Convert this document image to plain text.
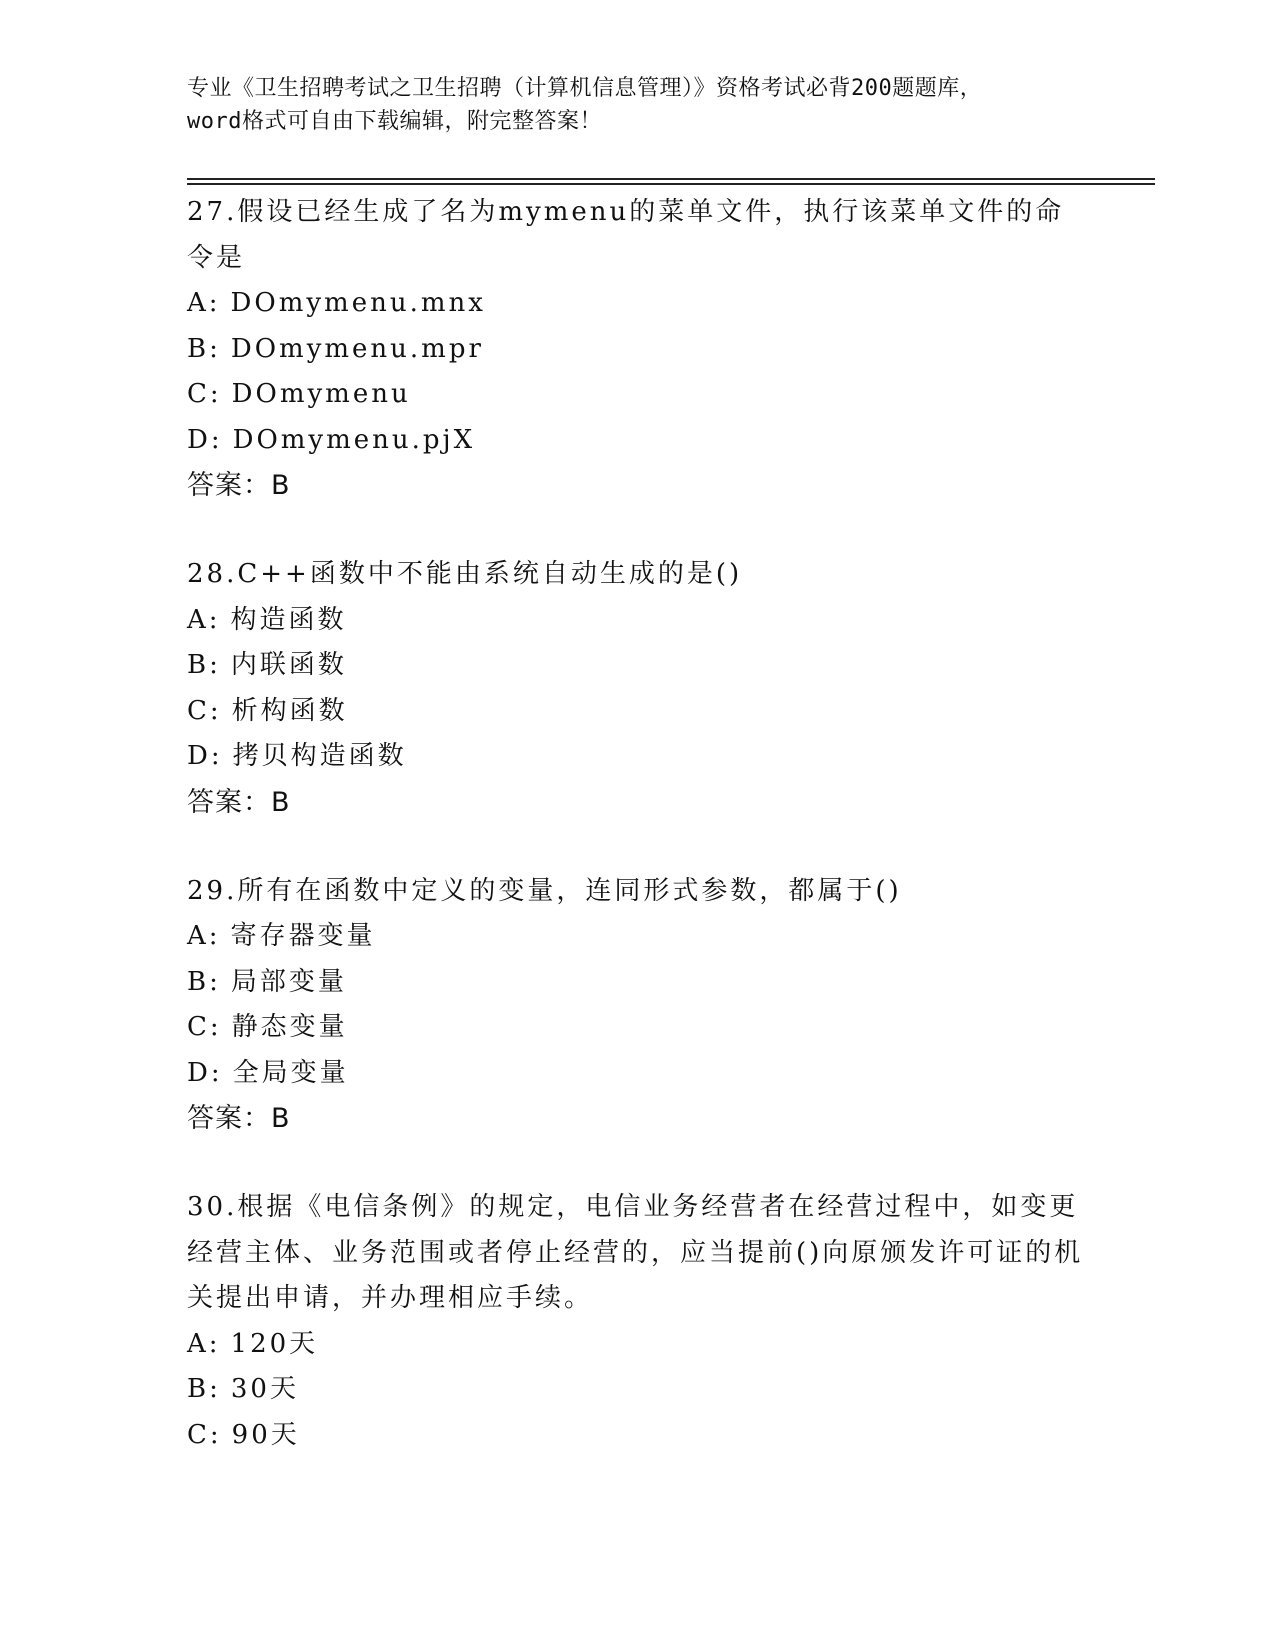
专业《卫生招聘考试之卫生招聘（计算机信息管理）》资格考试必背200题题库，
word格式可自由下载编辑，附完整答案！
27.假设已经生成了名为mymenu的菜单文件，执行该菜单文件的命令是
A: DOmymenu.mnx
B: DOmymenu.mpr
C: DOmymenu
D: DOmymenu.pjX
答案：B
28.C++函数中不能由系统自动生成的是()
A: 构造函数
B: 内联函数
C: 析构函数
D: 拷贝构造函数
答案：B
29.所有在函数中定义的变量，连同形式参数，都属于()
A: 寄存器变量
B: 局部变量
C: 静态变量
D: 全局变量
答案：B
30.根据《电信条例》的规定，电信业务经营者在经营过程中，如变更经营主体、业务范围或者停止经营的，应当提前()向原颁发许可证的机关提出申请，并办理相应手续。
A: 120天
B: 30天
C: 90天
